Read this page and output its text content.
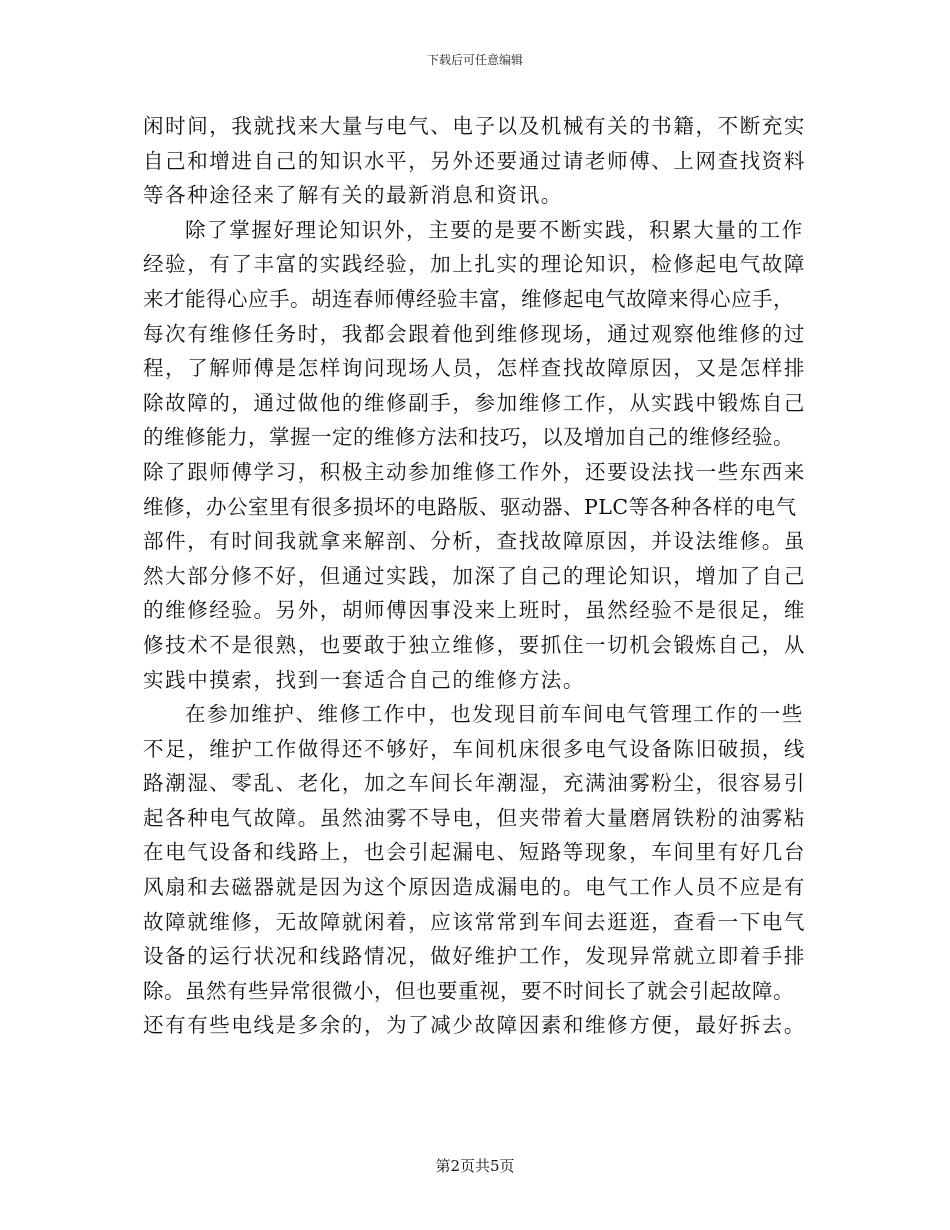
下载后可任意编辑
闲时间，我就找来大量与电气、电子以及机械有关的书籍，不断充实
自己和增进自己的知识水平，另外还要通过请老师傅、上网查找资料
等各种途径来了解有关的最新消息和资讯。
除了掌握好理论知识外，主要的是要不断实践，积累大量的工作
经验，有了丰富的实践经验，加上扎实的理论知识，检修起电气故障
来才能得心应手。胡连春师傅经验丰富，维修起电气故障来得心应手，
每次有维修任务时，我都会跟着他到维修现场，通过观察他维修的过
程，了解师傅是怎样询问现场人员，怎样查找故障原因，又是怎样排
除故障的，通过做他的维修副手，参加维修工作，从实践中锻炼自己
的维修能力，掌握一定的维修方法和技巧，以及增加自己的维修经验。
除了跟师傅学习，积极主动参加维修工作外，还要设法找一些东西来
维修，办公室里有很多损坏的电路版、驱动器、PLC等各种各样的电气
部件，有时间我就拿来解剖、分析，查找故障原因，并设法维修。虽
然大部分修不好，但通过实践，加深了自己的理论知识，增加了自己
的维修经验。另外，胡师傅因事没来上班时，虽然经验不是很足，维
修技术不是很熟，也要敢于独立维修，要抓住一切机会锻炼自己，从
实践中摸索，找到一套适合自己的维修方法。
在参加维护、维修工作中，也发现目前车间电气管理工作的一些
不足，维护工作做得还不够好，车间机床很多电气设备陈旧破损，线
路潮湿、零乱、老化，加之车间长年潮湿，充满油雾粉尘，很容易引
起各种电气故障。虽然油雾不导电，但夹带着大量磨屑铁粉的油雾粘
在电气设备和线路上，也会引起漏电、短路等现象，车间里有好几台
风扇和去磁器就是因为这个原因造成漏电的。电气工作人员不应是有
故障就维修，无故障就闲着，应该常常到车间去逛逛，查看一下电气
设备的运行状况和线路情况，做好维护工作，发现异常就立即着手排
除。虽然有些异常很微小，但也要重视，要不时间长了就会引起故障。
还有有些电线是多余的，为了减少故障因素和维修方便，最好拆去。
第2页共5页
